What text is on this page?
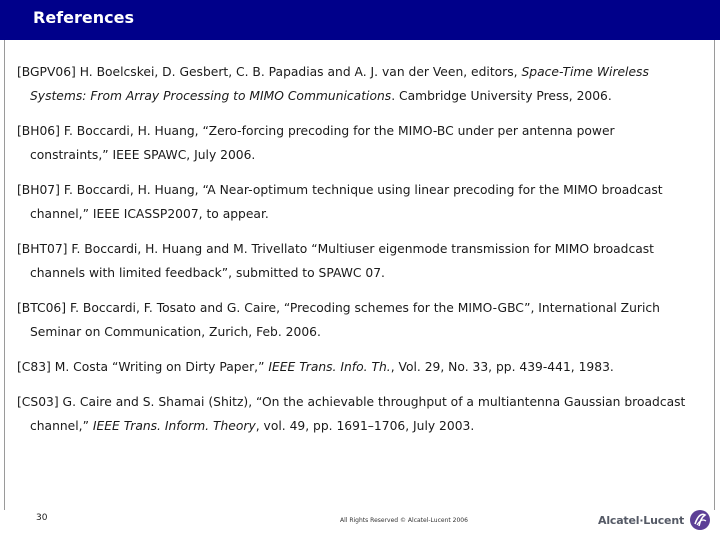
References

[BGPV06] H. Boelcskei, D. Gesbert, C. B. Papadias and A. J. van der Veen, editors, Space-Time Wireless Systems: From Array Processing to MIMO Communications. Cambridge University Press, 2006.

[BH06] F. Boccardi, H. Huang, “Zero-forcing precoding for the MIMO-BC under per antenna power constraints,” IEEE SPAWC, July 2006.

[BH07] F. Boccardi, H. Huang, “A Near-optimum technique using linear precoding for the MIMO broadcast channel,” IEEE ICASSP2007, to appear.

[BHT07] F. Boccardi, H. Huang and M. Trivellato “Multiuser eigenmode transmission for MIMO broadcast channels with limited feedback”, submitted to SPAWC 07.

[BTC06] F. Boccardi, F. Tosato and G. Caire, “Precoding schemes for the MIMO-GBC”, International Zurich Seminar on Communication, Zurich, Feb. 2006.

[C83] M. Costa “Writing on Dirty Paper,” IEEE Trans. Info. Th., Vol. 29, No. 33, pp. 439-441, 1983.

[CS03] G. Caire and S. Shamai (Shitz), “On the achievable throughput of a multiantenna Gaussian broadcast channel,” IEEE Trans. Inform. Theory, vol. 49, pp. 1691–1706, July 2003.

30	All Rights Reserved © Alcatel-Lucent 2006	Alcatel·Lucent
